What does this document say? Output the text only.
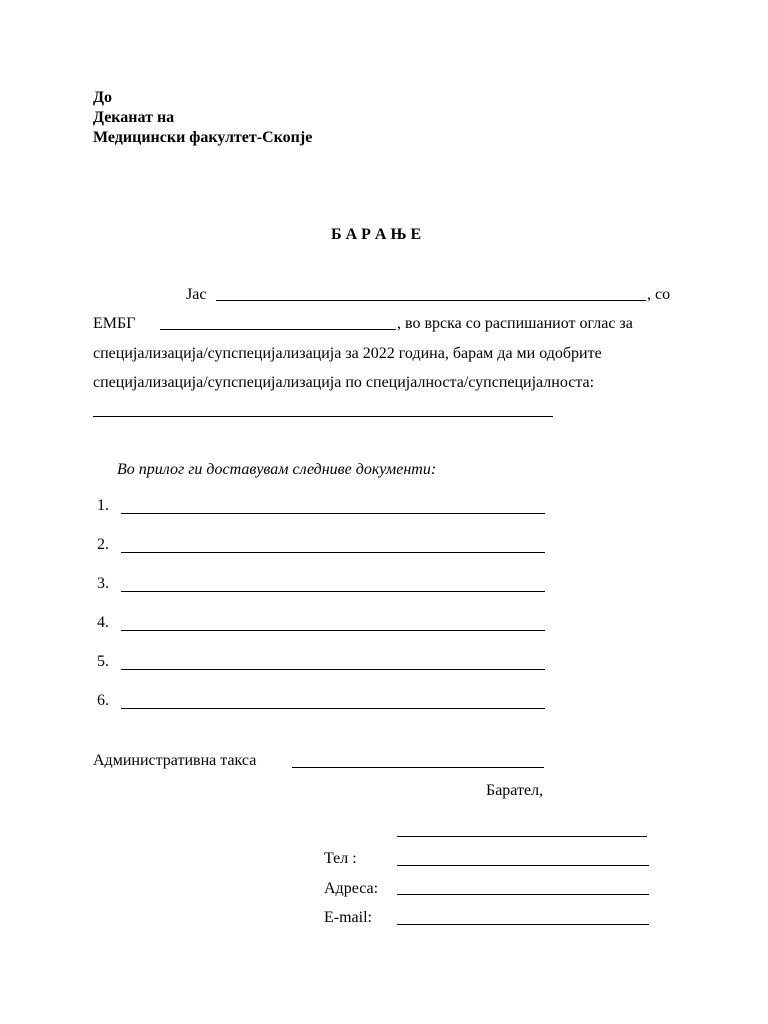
До
Деканат на
Медицински факултет-Скопје
Б А Р А Њ Е
Јас	, со
ЕМБГ	, во врска со распишаниот оглас за
специјализација/супспецијализација за 2022 година, барам да ми одобрите
специјализација/супспецијализација по специјалноста/супспецијалноста:
Во прилог ги доставувам следниве документи:
1.
2.
3.
4.
5.
6.
Административна такса
Барател,
Тел :
Адреса:
E-mail:
